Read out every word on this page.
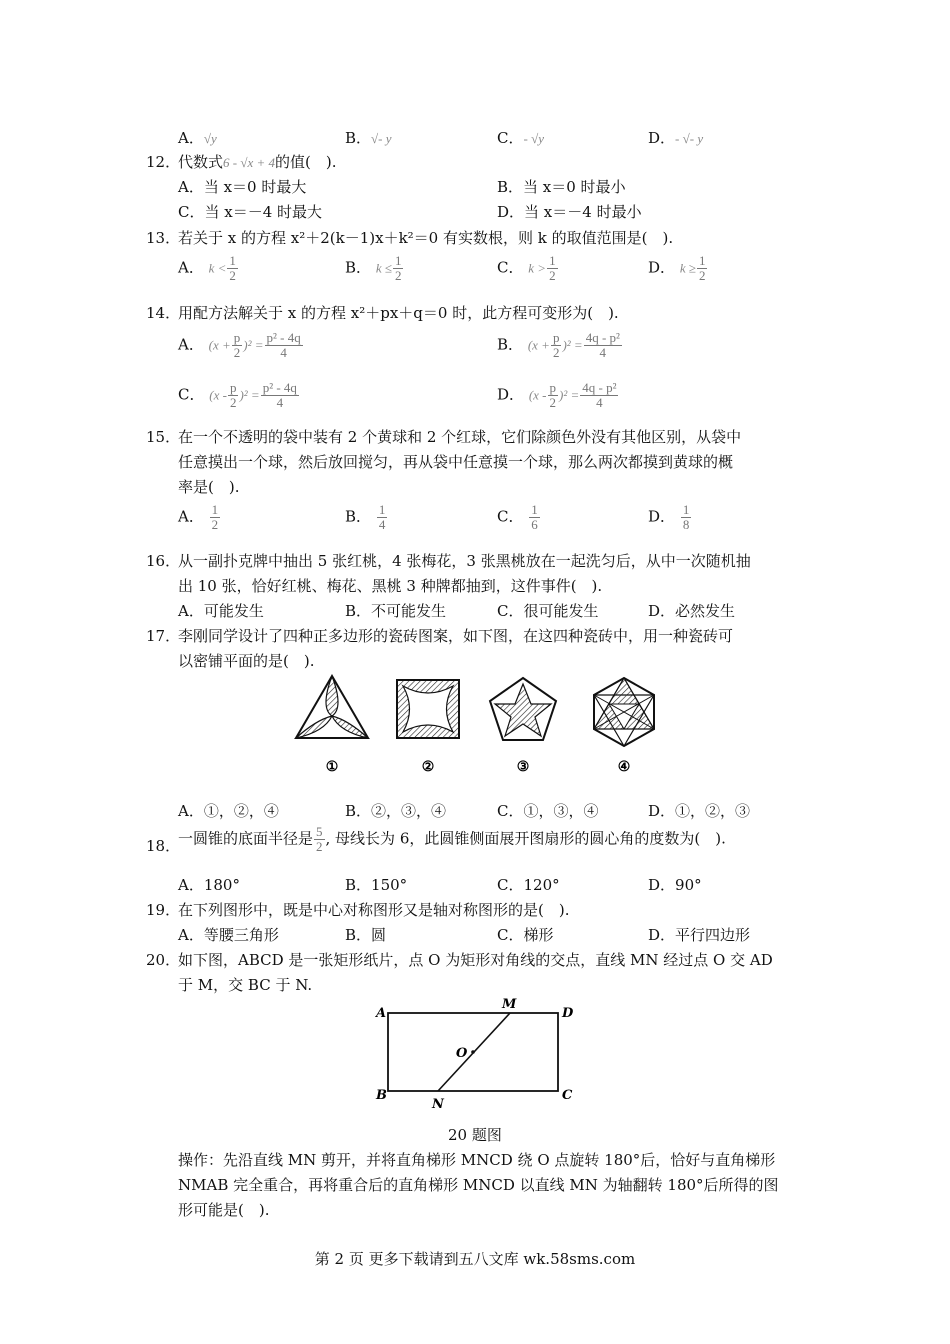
A．√y	B．√- y	C．- √y	D．- √- y
12．
代数式6 - √x + 4的值(　).
A．当 x＝0 时最大	B．当 x＝0 时最小
C．当 x＝－4 时最大	D．当 x＝－4 时最小
13．
若关于 x 的方程 x²＋2(k－1)x＋k²＝0 有实数根，则 k 的取值范围是(　).
A． $k < \frac{1}{2}$	B． $k \le \frac{1}{2}$	C． $k > \frac{1}{2}$	D． $k \ge \frac{1}{2}$
14．
用配方法解关于 x 的方程 x²＋px＋q＝0 时，此方程可变形为(　).
A． $(x + \frac{p}{2} )^2 = \frac{\text{p² - 4q}}{4}$	B． $(x + \frac{p}{2} )^2 = \frac{\text{4q - p²}}{4}$
C． $(x - \frac{p}{2} )^2 = \frac{\text{p² - 4q}}{4}$	D． $(x - \frac{p}{2} )^2 = \frac{\text{4q - p²}}{4}$
15．
在一个不透明的袋中装有 2 个黄球和 2 个红球，它们除颜色外没有其他区别，从袋中
任意摸出一个球，然后放回搅匀，再从袋中任意摸一个球，那么两次都摸到黄球的概
率是(　).
A． $\frac{1}{2}$	B． $\frac{1}{4}$	C． $\frac{1}{6}$	D． $\frac{1}{8}$
16．
从一副扑克牌中抽出 5 张红桃，4 张梅花，3 张黑桃放在一起洗匀后，从中一次随机抽
出 10 张，恰好红桃、梅花、黑桃 3 种牌都抽到，这件事件(　).
A．可能发生	B．不可能发生	C．很可能发生	D．必然发生
17．
李刚同学设计了四种正多边形的瓷砖图案，如下图，在这四种瓷砖中，用一种瓷砖可
以密铺平面的是(　).
①	②	③	④
A．①，②，④	B．②，③，④	C．①，③，④	D．①，②，③
18．
一圆锥的底面半径是 $\frac{5}{2}$ , 母线长为 6，此圆锥侧面展开图扇形的圆心角的度数为(　).
A．180°	B．150°	C．120°	D．90°
19．
在下列图形中，既是中心对称图形又是轴对称图形的是(　).
A．等腰三角形	B．圆	C．梯形	D．平行四边形
20．
如下图，ABCD 是一张矩形纸片，点 O 为矩形对角线的交点，直线 MN 经过点 O 交 AD
于 M，交 BC 于 N.
A	D
B	C
M
N
O
20 题图
操作：先沿直线 MN 剪开，并将直角梯形 MNCD 绕 O 点旋转 180°后，恰好与直角梯形
NMAB 完全重合，再将重合后的直角梯形 MNCD 以直线 MN 为轴翻转 180°后所得的图
形可能是(　).
第 2 页 更多下载请到五八文库 wk.58sms.com
